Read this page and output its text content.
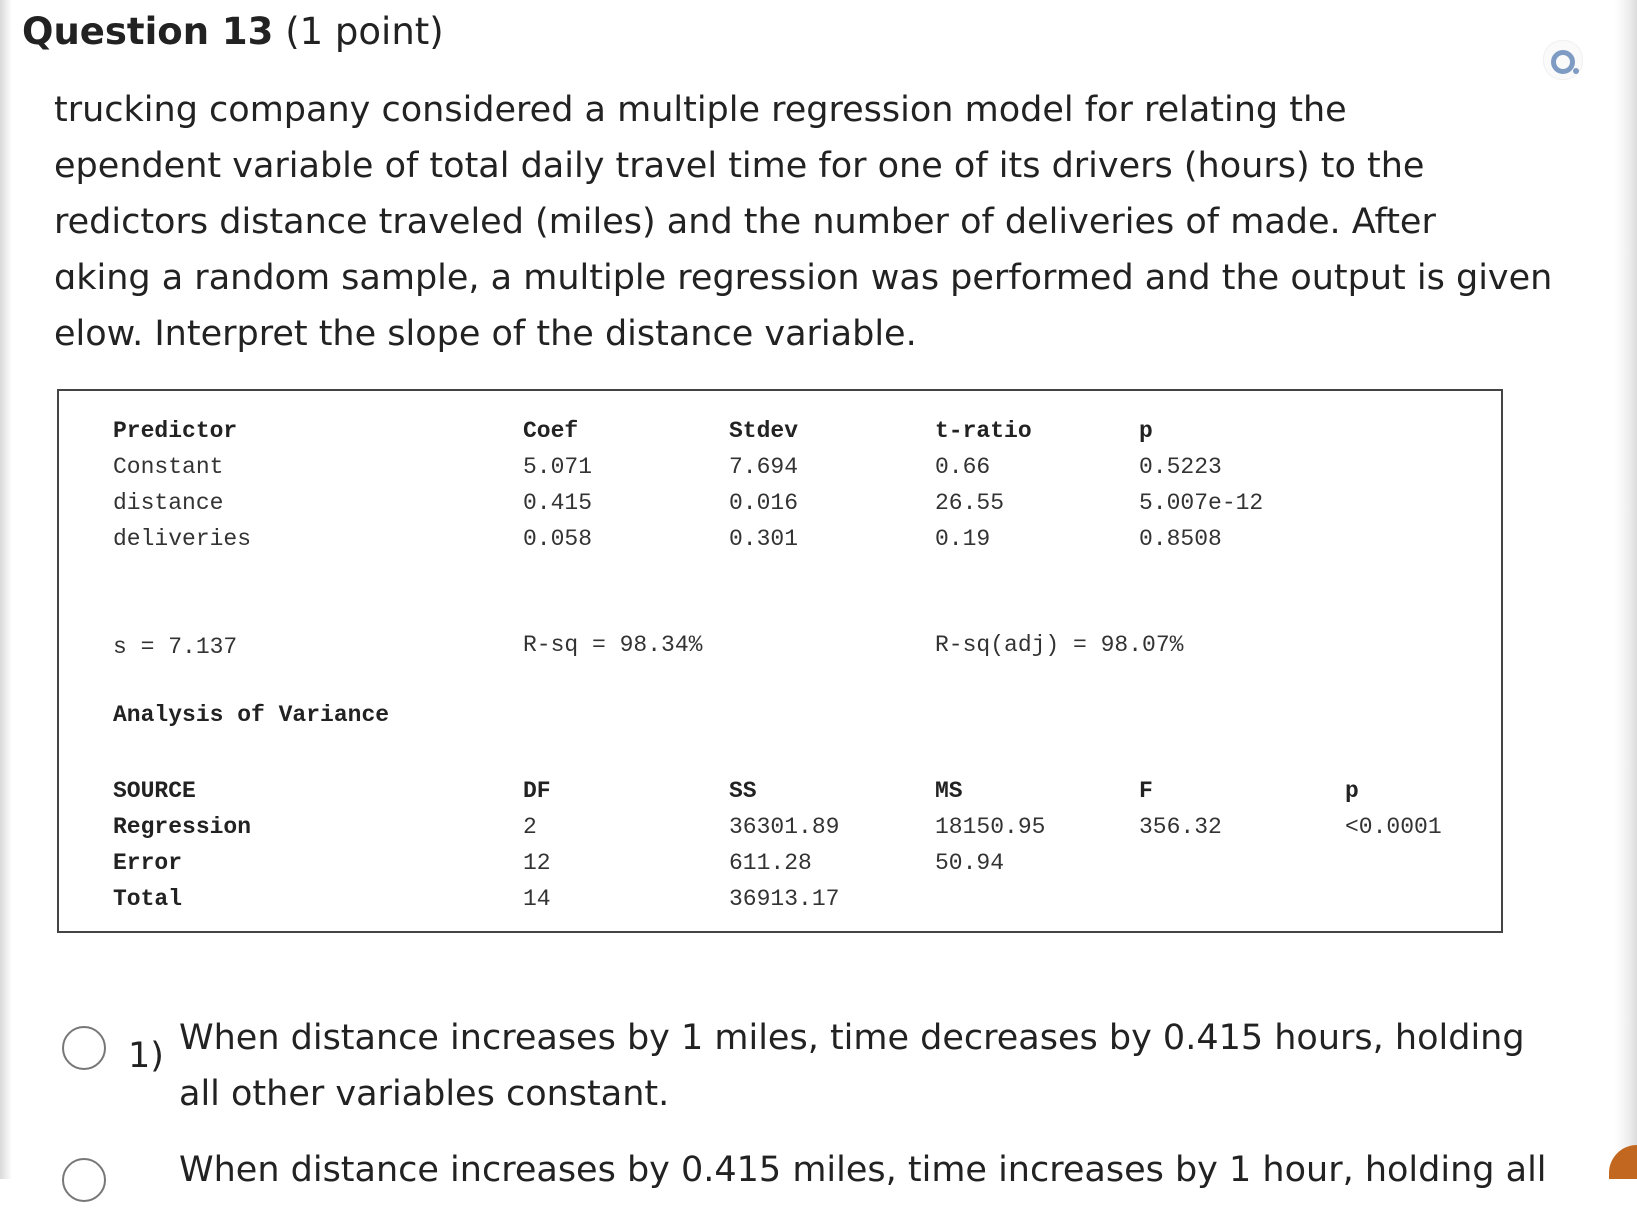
Question 13 (1 point)
trucking company considered a multiple regression model for relating the
ependent variable of total daily travel time for one of its drivers (hours) to the
redictors distance traveled (miles) and the number of deliveries of made. After
ɑking a random sample, a multiple regression was performed and the output is given
elow. Interpret the slope of the distance variable.
Predictor	Coef	Stdev	t-ratio	p
Constant	5.071	7.694	0.66	0.5223
distance	0.415	0.016	26.55	5.007e-12
deliveries	0.058	0.301	0.19	0.8508
s = 7.137	R-sq = 98.34%	R-sq(adj) = 98.07%
Analysis of Variance
SOURCE	DF	SS	MS	F	p
Regression	2	36301.89	18150.95	356.32	<0.0001
Error	12	611.28	50.94
Total	14	36913.17
1) When distance increases by 1 miles, time decreases by 0.415 hours, holding
all other variables constant.
When distance increases by 0.415 miles, time increases by 1 hour, holding all
